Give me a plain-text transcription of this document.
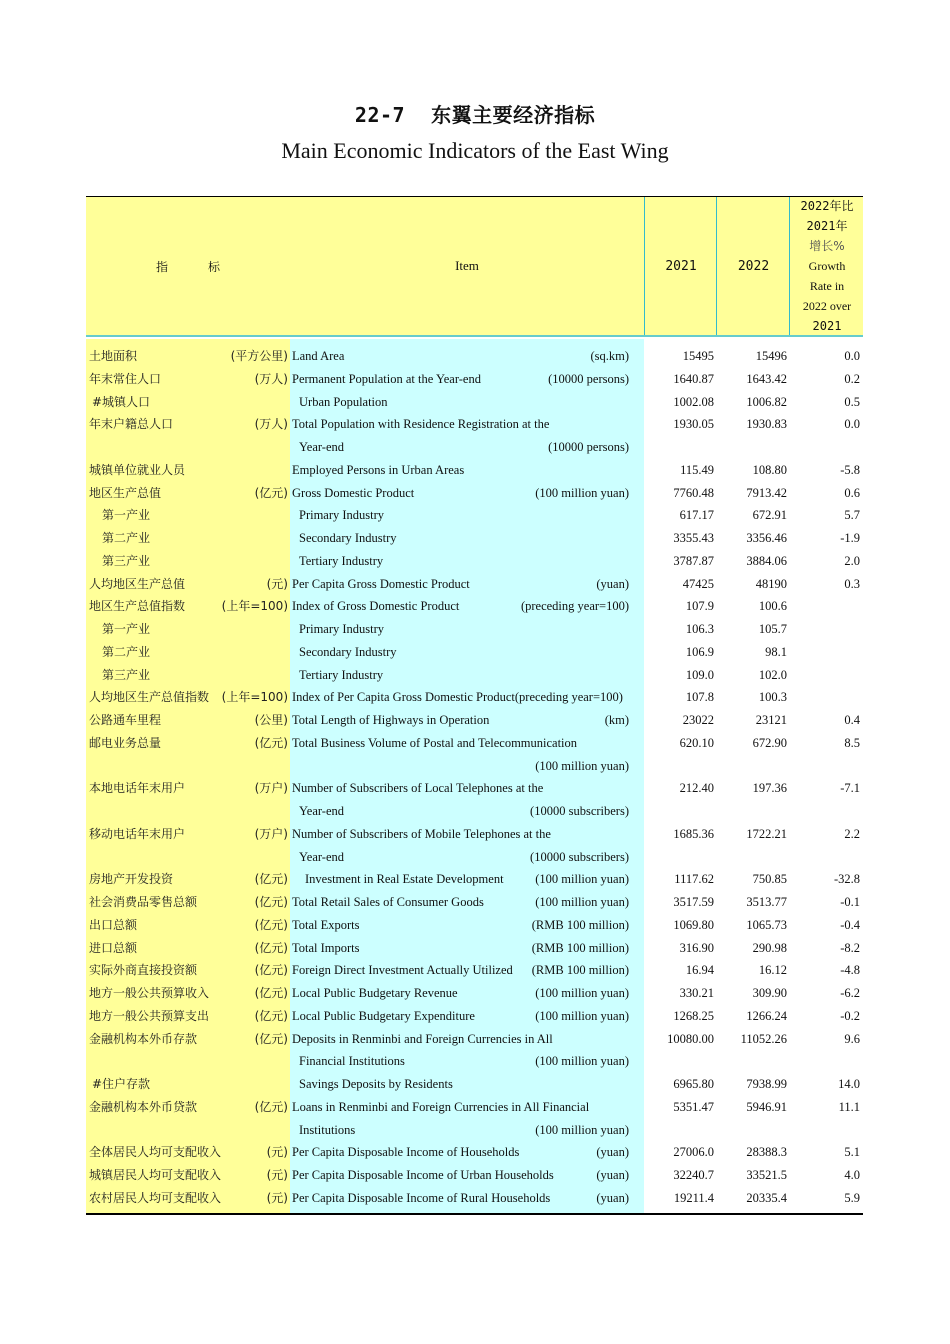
22-7 东翼主要经济指标
Main Economic Indicators of the East Wing
指	标	Item	2021	2022
2022年比
2021年
增长%
Growth
Rate in
2022 over
2021
土地面积	(平方公里) Land Area	(sq.km)	15495	15496	0.0
年末常住人口	(万人) Permanent Population at the Year-end	(10000 persons)	1640.87	1643.42	0.2
#城镇人口	Urban Population	1002.08	1006.82	0.5
年末户籍总人口	(万人) Total Population with Residence Registration at the	1930.05	1930.83	0.0
Year-end	(10000 persons)
城镇单位就业人员	Employed Persons in Urban Areas	115.49	108.80	-5.8
地区生产总值	(亿元) Gross Domestic Product	(100 million yuan)	7760.48	7913.42	0.6
第一产业	Primary Industry	617.17	672.91	5.7
第二产业	Secondary Industry	3355.43	3356.46	-1.9
第三产业	Tertiary Industry	3787.87	3884.06	2.0
人均地区生产总值	(元) Per Capita Gross Domestic Product	(yuan)	47425	48190	0.3
地区生产总值指数	(上年=100) Index of Gross Domestic Product	(preceding year=100)	107.9	100.6
第一产业	Primary Industry	106.3	105.7
第二产业	Secondary Industry	106.9	98.1
第三产业	Tertiary Industry	109.0	102.0
人均地区生产总值指数	(上年=100) Index of Per Capita Gross Domestic Product(preceding year=100)	107.8	100.3
公路通车里程	(公里) Total Length of Highways in Operation	(km)	23022	23121	0.4
邮电业务总量	(亿元) Total Business Volume of Postal and Telecommunication	620.10	672.90	8.5
(100 million yuan)
本地电话年末用户	(万户) Number of Subscribers of Local Telephones at the	212.40	197.36	-7.1
Year-end	(10000 subscribers)
移动电话年末用户	(万户) Number of Subscribers of Mobile Telephones at the	1685.36	1722.21	2.2
Year-end	(10000 subscribers)
房地产开发投资	(亿元) Investment in Real Estate Development	(100 million yuan)	1117.62	750.85	-32.8
社会消费品零售总额	(亿元) Total Retail Sales of Consumer Goods	(100 million yuan)	3517.59	3513.77	-0.1
出口总额	(亿元) Total Exports	(RMB 100 million)	1069.80	1065.73	-0.4
进口总额	(亿元) Total Imports	(RMB 100 million)	316.90	290.98	-8.2
实际外商直接投资额	(亿元) Foreign Direct Investment Actually Utilized (RMB 100 million)	16.94	16.12	-4.8
地方一般公共预算收入	(亿元) Local Public Budgetary Revenue	(100 million yuan)	330.21	309.90	-6.2
地方一般公共预算支出	(亿元) Local Public Budgetary Expenditure	(100 million yuan)	1268.25	1266.24	-0.2
金融机构本外币存款	(亿元) Deposits in Renminbi and Foreign Currencies in All	10080.00 11052.26	9.6
Financial Institutions	(100 million yuan)
#住户存款	Savings Deposits by Residents	6965.80	7938.99	14.0
金融机构本外币贷款	(亿元) Loans in Renminbi and Foreign Currencies in All Financial	5351.47	5946.91	11.1
Institutions	(100 million yuan)
全体居民人均可支配收入	(元) Per Capita Disposable Income of Households	(yuan)	27006.0	28388.3	5.1
城镇居民人均可支配收入	(元) Per Capita Disposable Income of Urban Households	(yuan)	32240.7	33521.5	4.0
农村居民人均可支配收入	(元) Per Capita Disposable Income of Rural Households	(yuan)	19211.4	20335.4	5.9
